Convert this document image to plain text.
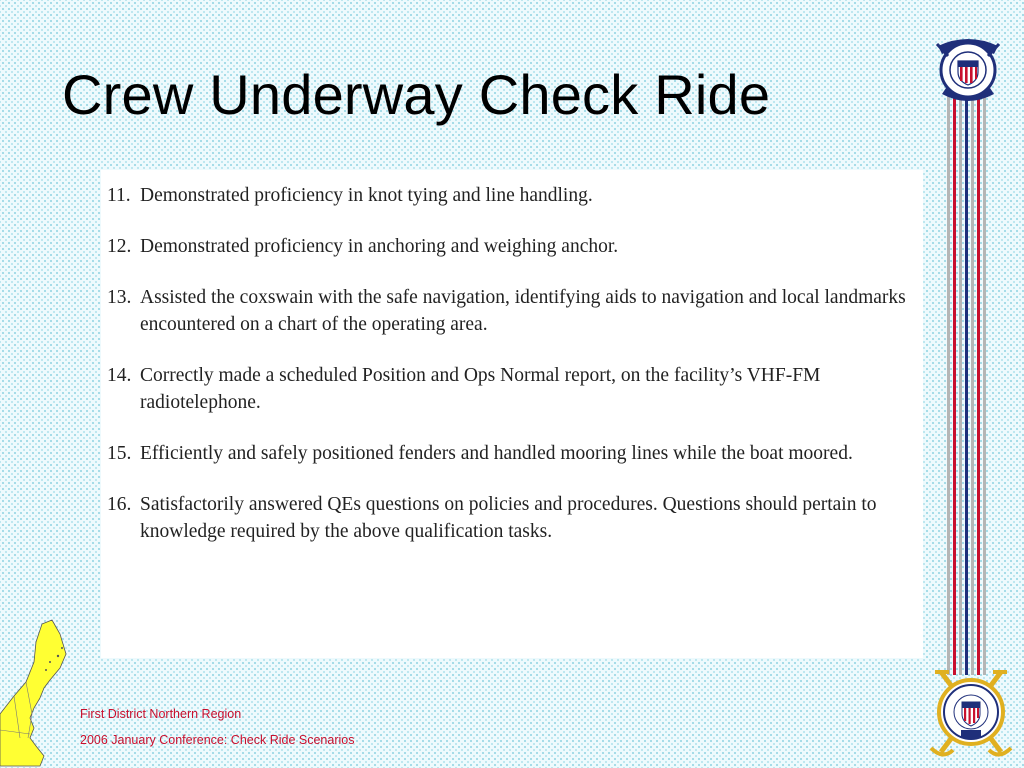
Crew Underway Check Ride
11. Demonstrated proficiency in knot tying and line handling.
12. Demonstrated proficiency in anchoring and weighing anchor.
13. Assisted the coxswain with the safe navigation, identifying aids to navigation and local landmarks encountered on a chart of the operating area.
14. Correctly made a scheduled Position and Ops Normal report, on the facility’s VHF-FM radiotelephone.
15. Efficiently and safely positioned fenders and handled mooring lines while the boat moored.
16. Satisfactorily answered QEs questions on policies and procedures. Questions should pertain to knowledge required by the above qualification tasks.
First District Northern Region
2006 January Conference: Check Ride Scenarios
